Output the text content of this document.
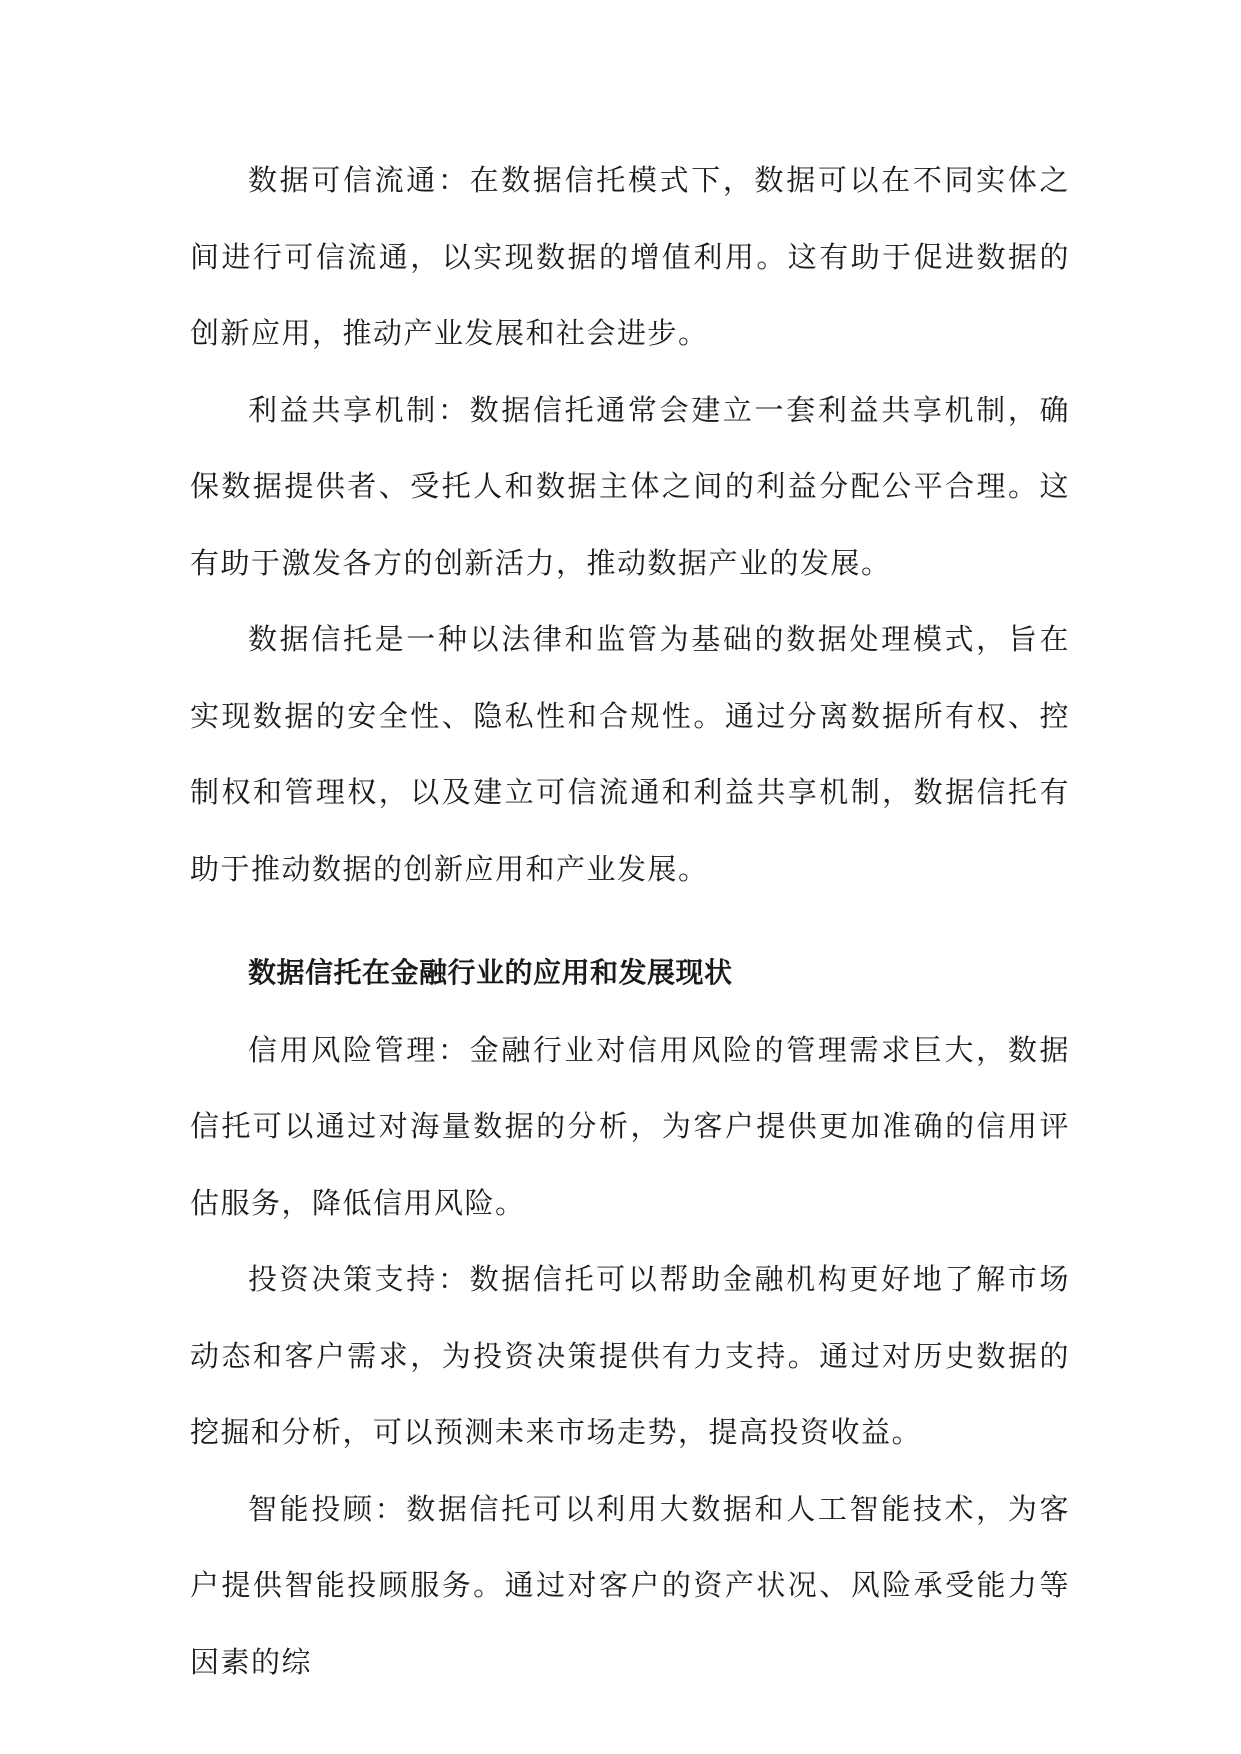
数据可信流通：在数据信托模式下，数据可以在不同实体之间进行可信流通，以实现数据的增值利用。这有助于促进数据的创新应用，推动产业发展和社会进步。

利益共享机制：数据信托通常会建立一套利益共享机制，确保数据提供者、受托人和数据主体之间的利益分配公平合理。这有助于激发各方的创新活力，推动数据产业的发展。

数据信托是一种以法律和监管为基础的数据处理模式，旨在实现数据的安全性、隐私性和合规性。通过分离数据所有权、控制权和管理权，以及建立可信流通和利益共享机制，数据信托有助于推动数据的创新应用和产业发展。

数据信托在金融行业的应用和发展现状

信用风险管理：金融行业对信用风险的管理需求巨大，数据信托可以通过对海量数据的分析，为客户提供更加准确的信用评估服务，降低信用风险。

投资决策支持：数据信托可以帮助金融机构更好地了解市场动态和客户需求，为投资决策提供有力支持。通过对历史数据的挖掘和分析，可以预测未来市场走势，提高投资收益。

智能投顾：数据信托可以利用大数据和人工智能技术，为客户提供智能投顾服务。通过对客户的资产状况、风险承受能力等因素的综
